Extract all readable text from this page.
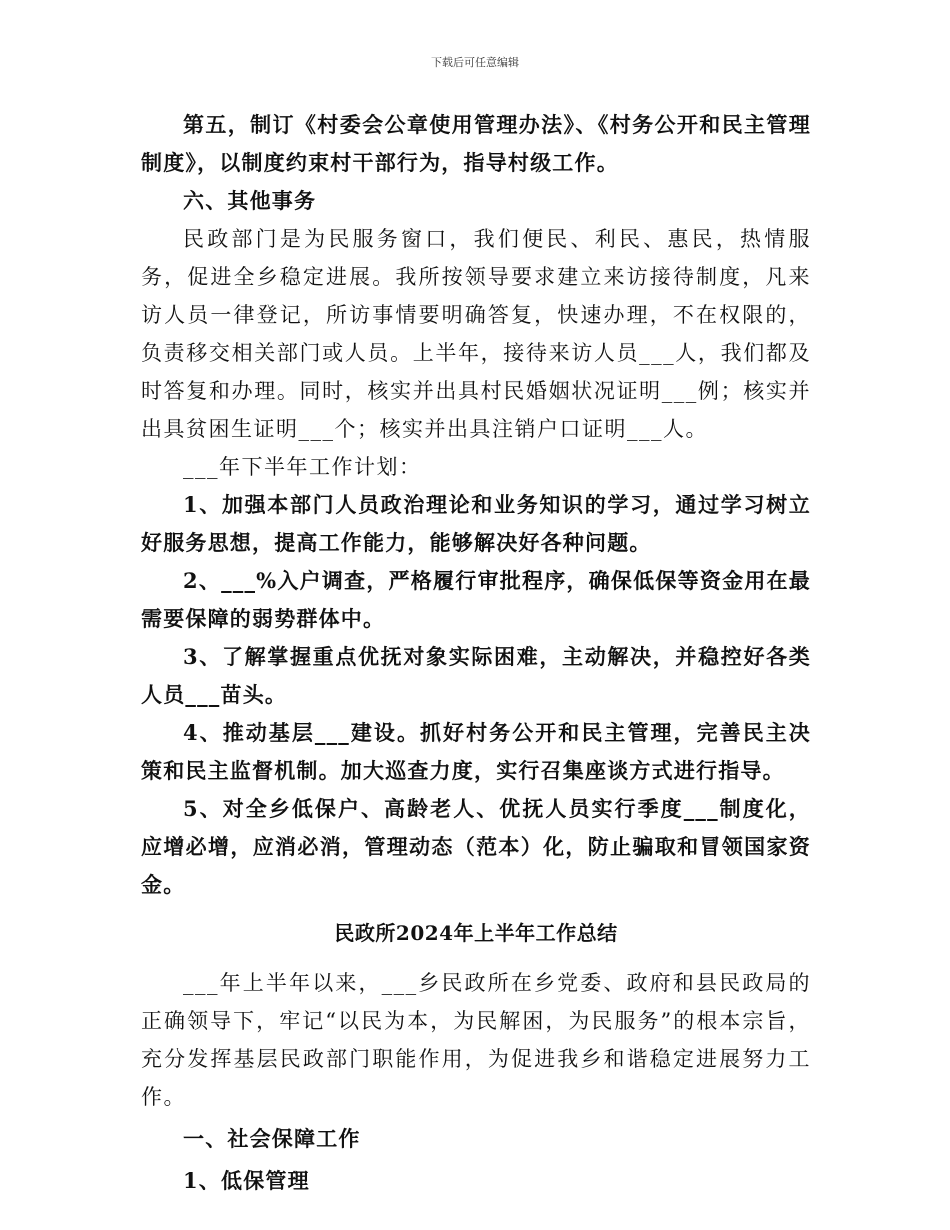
下载后可任意编辑

第五，制订《村委会公章使用管理办法》、《村务公开和民主管理制度》，以制度约束村干部行为，指导村级工作。

六、其他事务

民政部门是为民服务窗口，我们便民、利民、惠民，热情服务，促进全乡稳定进展。我所按领导要求建立来访接待制度，凡来访人员一律登记，所访事情要明确答复，快速办理，不在权限的，负责移交相关部门或人员。上半年，接待来访人员___人，我们都及时答复和办理。同时，核实并出具村民婚姻状况证明___例；核实并出具贫困生证明___个；核实并出具注销户口证明___人。

___年下半年工作计划：

1、加强本部门人员政治理论和业务知识的学习，通过学习树立好服务思想，提高工作能力，能够解决好各种问题。

2、___%入户调查，严格履行审批程序，确保低保等资金用在最需要保障的弱势群体中。

3、了解掌握重点优抚对象实际困难，主动解决，并稳控好各类人员___苗头。

4、推动基层___建设。抓好村务公开和民主管理，完善民主决策和民主监督机制。加大巡查力度，实行召集座谈方式进行指导。

5、对全乡低保户、高龄老人、优抚人员实行季度___制度化，应增必增，应消必消，管理动态（范本）化，防止骗取和冒领国家资金。

民政所2024年上半年工作总结

___年上半年以来，___乡民政所在乡党委、政府和县民政局的正确领导下，牢记“以民为本，为民解困，为民服务”的根本宗旨，充分发挥基层民政部门职能作用，为促进我乡和谐稳定进展努力工作。

一、社会保障工作

1、低保管理
